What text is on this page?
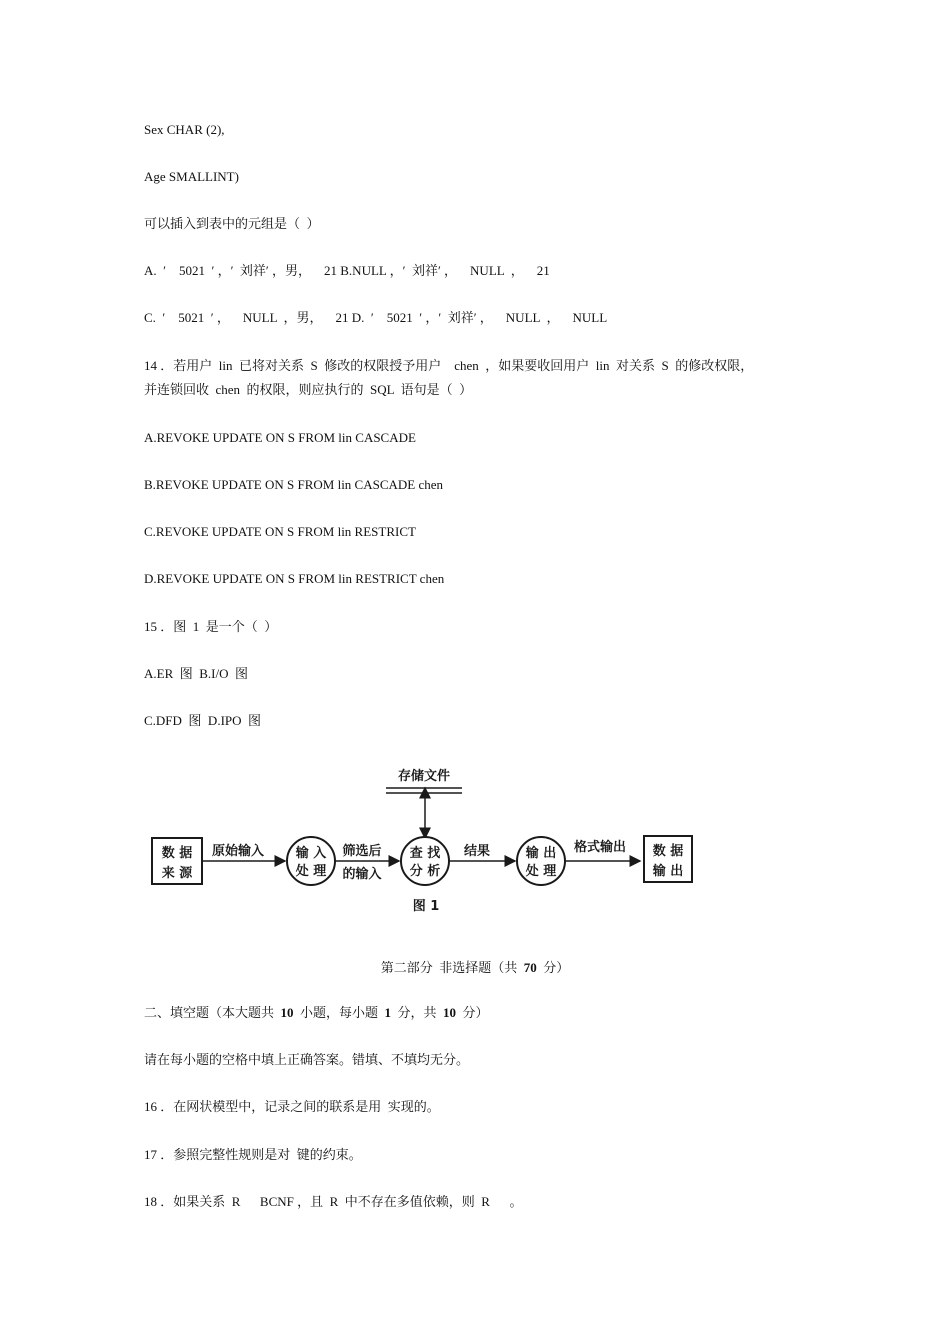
Sex CHAR (2),
Age SMALLINT)
可以插入到表中的元组是（  ）
A.  ′    5021  ′ ，′  刘祥′ ，男，    21 B.NULL ，′  刘祥′ ，    NULL  ，    21
C.  ′    5021  ′ ，    NULL  ，男，    21 D.  ′    5021  ′ ，′  刘祥′ ，    NULL  ，    NULL
14 ．若用户  lin  已将对关系  S  修改的权限授予用户    chen  ，如果要收回用户  lin  对关系  S  的修改权限，
并连锁回收  chen  的权限，则应执行的  SQL  语句是（  ）
A.REVOKE UPDATE ON S FROM lin CASCADE
B.REVOKE UPDATE ON S FROM lin CASCADE chen
C.REVOKE UPDATE ON S FROM lin RESTRICT
D.REVOKE UPDATE ON S FROM lin RESTRICT chen
15 ．图  1  是一个（  ）
A.ER  图  B.I/O  图
C.DFD  图  D.IPO  图
存储文件
数 据
来 源
原始输入 输 入
处 理
筛选后
的输入
查 找
分 析
结果	输 出
处 理
格式输出 数 据
输 出
图 1
第二部分  非选择题（共  70  分）
二、填空题（本大题共  10  小题，每小题  1  分，共  10  分）
请在每小题的空格中填上正确答案。错填、不填均无分。
16 ．在网状模型中，记录之间的联系是用  实现的。
17 ．参照完整性规则是对  键的约束。
18 ．如果关系  R      BCNF ，且  R  中不存在多值依赖，则  R      。
